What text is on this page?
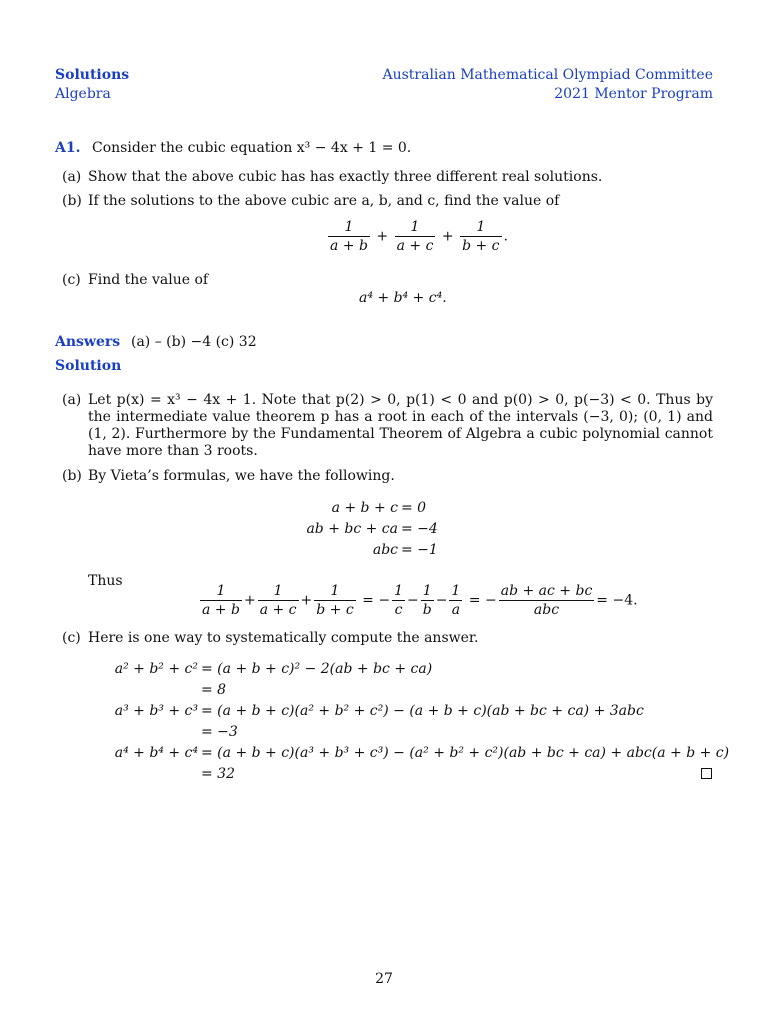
Solutions
Algebra
Australian Mathematical Olympiad Committee
2021 Mentor Program
A1. Consider the cubic equation x³ − 4x + 1 = 0.
(a) Show that the above cubic has has exactly three different real solutions.
(b) If the solutions to the above cubic are a, b, and c, find the value of
$\frac{1}{a + b} + \frac{1}{a + c} + \frac{1}{b + c}$ .
(c) Find the value of
a⁴ + b⁴ + c⁴.
Answers (a) – (b) −4 (c) 32
Solution
(a) Let p(x) = x³ − 4x + 1. Note that p(2) > 0, p(1) < 0 and p(0) > 0, p(−3) < 0. Thus by the intermediate value theorem p has a root in each of the intervals (−3, 0); (0, 1) and (1, 2). Furthermore by the Fundamental Theorem of Algebra a cubic polynomial cannot have more than 3 roots.
(b) By Vieta’s formulas, we have the following.
a + b + c = 0
ab + bc + ca = −4
abc = −1
Thus
$\frac{1}{a + b} + \frac{1}{a + c} + \frac{1}{b + c}$ = − $\frac{1}{c} - \frac{1}{b} - \frac{1}{a}$ = − $\frac{ab + ac + bc}{\text{abc}} = -4$.
(c) Here is one way to systematically compute the answer.
a² + b² + c² = (a + b + c)² − 2(ab + bc + ca)
= 8
a³ + b³ + c³ = (a + b + c)(a² + b² + c²) − (a + b + c)(ab + bc + ca) + 3abc
= −3
a⁴ + b⁴ + c⁴ = (a + b + c)(a³ + b³ + c³) − (a² + b² + c²)(ab + bc + ca) + abc(a + b + c)
= 32
27
